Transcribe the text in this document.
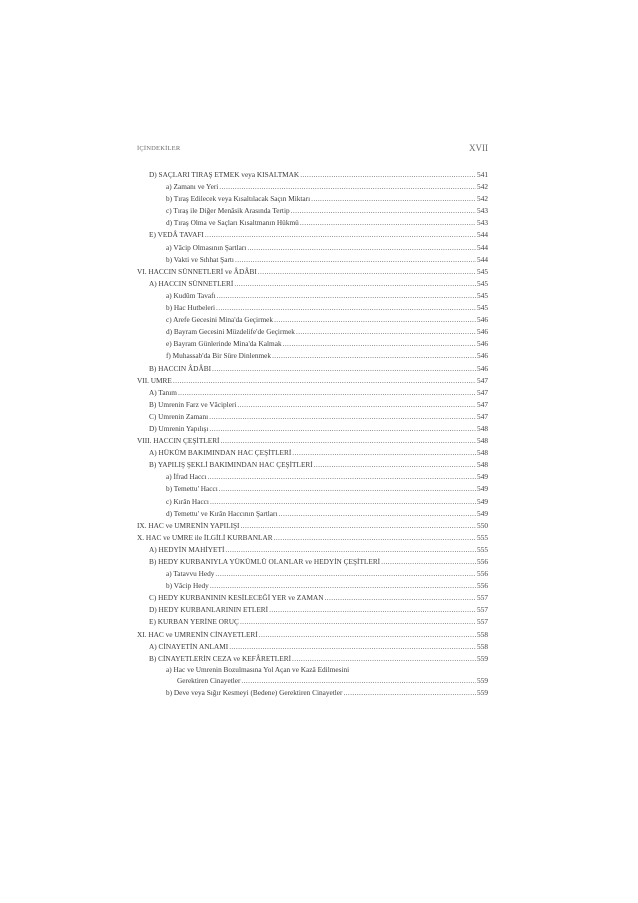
İÇİNDEKİLER	XVII
D) SAÇLARI TIRAŞ ETMEK veya KISALTMAK .....	541
a) Zamanı ve Yeri .....	542
b) Tıraş Edilecek veya Kısaltılacak Saçın Miktarı .....	542
c) Tıraş ile Diğer Menâsik Arasında Tertip .....	543
d) Tıraş Olma ve Saçları Kısaltmanın Hükmü .....	543
E) VEDÂ TAVAFI .....	544
a) Vâcip Olmasının Şartları .....	544
b) Vakti ve Sıhhat Şartı .....	544
VI. HACCIN SÜNNETLERİ ve ÂDÂBI .....	545
A) HACCIN SÜNNETLERİ .....	545
a) Kudûm Tavafı .....	545
b) Hac Hutbeleri .....	545
c) Arefe Gecesini Mina'da Geçirmek .....	546
d) Bayram Gecesini Müzdelife'de Geçirmek .....	546
e) Bayram Günlerinde Mina'da Kalmak .....	546
f) Muhassab'da Bir Süre Dinlenmek .....	546
B) HACCIN ÂDÂBI .....	546
VII. UMRE .....	547
A) Tanım .....	547
B) Umrenin Farz ve Vâcipleri .....	547
C) Umrenin Zamanı .....	547
D) Umrenin Yapılışı .....	548
VIII. HACCIN ÇEŞİTLERİ .....	548
A) HÜKÜM BAKIMINDAN HAC ÇEŞİTLERİ .....	548
B) YAPILIŞ ŞEKLİ BAKIMINDAN HAC ÇEŞİTLERİ .....	548
a) İfrad Haccı .....	549
b) Temettu' Haccı .....	549
c) Kırân Haccı .....	549
d) Temettu' ve Kırân Haccının Şartları .....	549
IX. HAC ve UMRENİN YAPILIŞI .....	550
X. HAC ve UMRE ile İLGİLİ KURBANLAR .....	555
A) HEDYİN MAHİYETİ .....	555
B) HEDY KURBANIYLA YÜKÜMLÜ OLANLAR ve HEDYİN ÇEŞİTLERİ .....	556
a) Tatavvu Hedy .....	556
b) Vâcip Hedy .....	556
C) HEDY KURBANININ KESİLECEĞİ YER ve ZAMAN .....	557
D) HEDY KURBANLARININ ETLERİ .....	557
E) KURBAN YERİNE ORUÇ .....	557
XI. HAC ve UMRENİN CİNAYETLERİ .....	558
A) CİNAYETİN ANLAMI .....	558
B) CİNAYETLERİN CEZA ve KEFÂRETLERİ .....	559
a) Hac ve Umrenin Bozulmasına Yol Açan ve Kazâ Edilmesini
Gerektiren Cinayetler .....	559
b) Deve veya Sığır Kesmeyi (Bedene) Gerektiren Cinayetler .....	559
